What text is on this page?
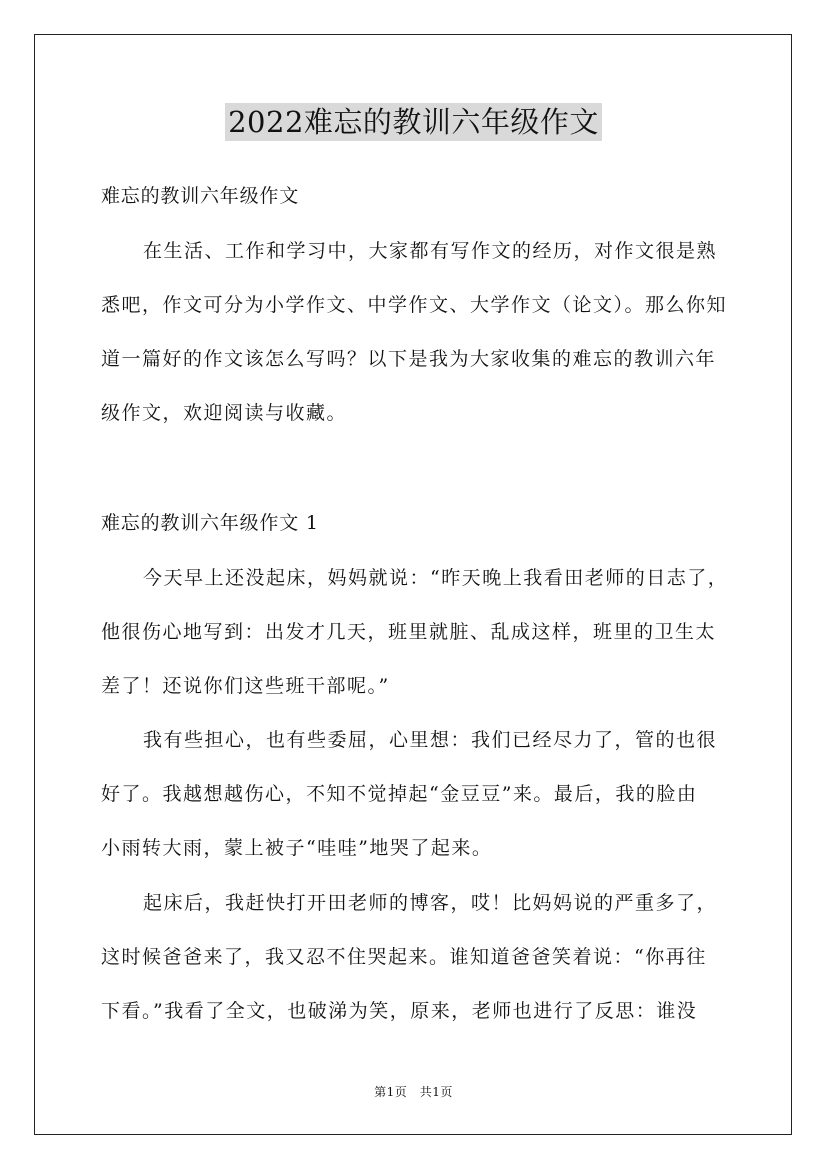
2022难忘的教训六年级作文
难忘的教训六年级作文
在生活、工作和学习中，大家都有写作文的经历，对作文很是熟
悉吧，作文可分为小学作文、中学作文、大学作文（论文）。那么你知
道一篇好的作文该怎么写吗？以下是我为大家收集的难忘的教训六年
级作文，欢迎阅读与收藏。
难忘的教训六年级作文 1
今天早上还没起床，妈妈就说：“昨天晚上我看田老师的日志了，
他很伤心地写到：出发才几天，班里就脏、乱成这样，班里的卫生太
差了！还说你们这些班干部呢。”
我有些担心，也有些委屈，心里想：我们已经尽力了，管的也很
好了。我越想越伤心，不知不觉掉起“金豆豆”来。最后，我的脸由
小雨转大雨，蒙上被子“哇哇”地哭了起来。
起床后，我赶快打开田老师的博客，哎！比妈妈说的严重多了，
这时候爸爸来了，我又忍不住哭起来。谁知道爸爸笑着说：“你再往
下看。”我看了全文，也破涕为笑，原来，老师也进行了反思：谁没
第1页　共1页
